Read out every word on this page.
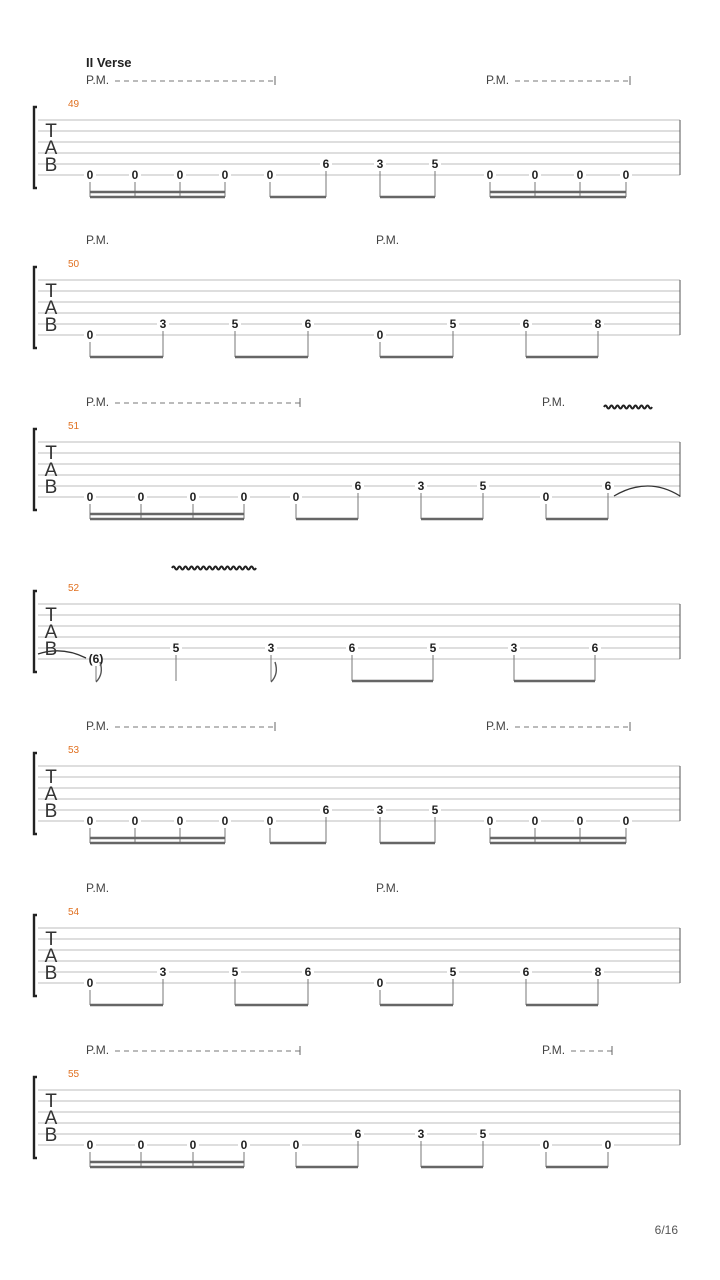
II Verse
49
T
A
B 0	0	0	0	0
6	3	5
0	0	0	0
P.M.	P.M.
50
T
A
B 0
3	5	6
0
5	6	8
P.M.	P.M.
51
T
A
B 0	0	0	0	0
6	3	5
0
6
P.M.	P.M.
52
T
A
B	(6)
5	3	6	5	3	6
53
T
A
B 0	0	0	0	0
6	3	5
0	0	0	0
P.M.	P.M.
54
T
A
B 0
3	5	6
0
5	6	8
P.M.	P.M.
55
T
A
B 0	0	0	0	0
6	3	5
0	0
P.M.	P.M.
6/16
